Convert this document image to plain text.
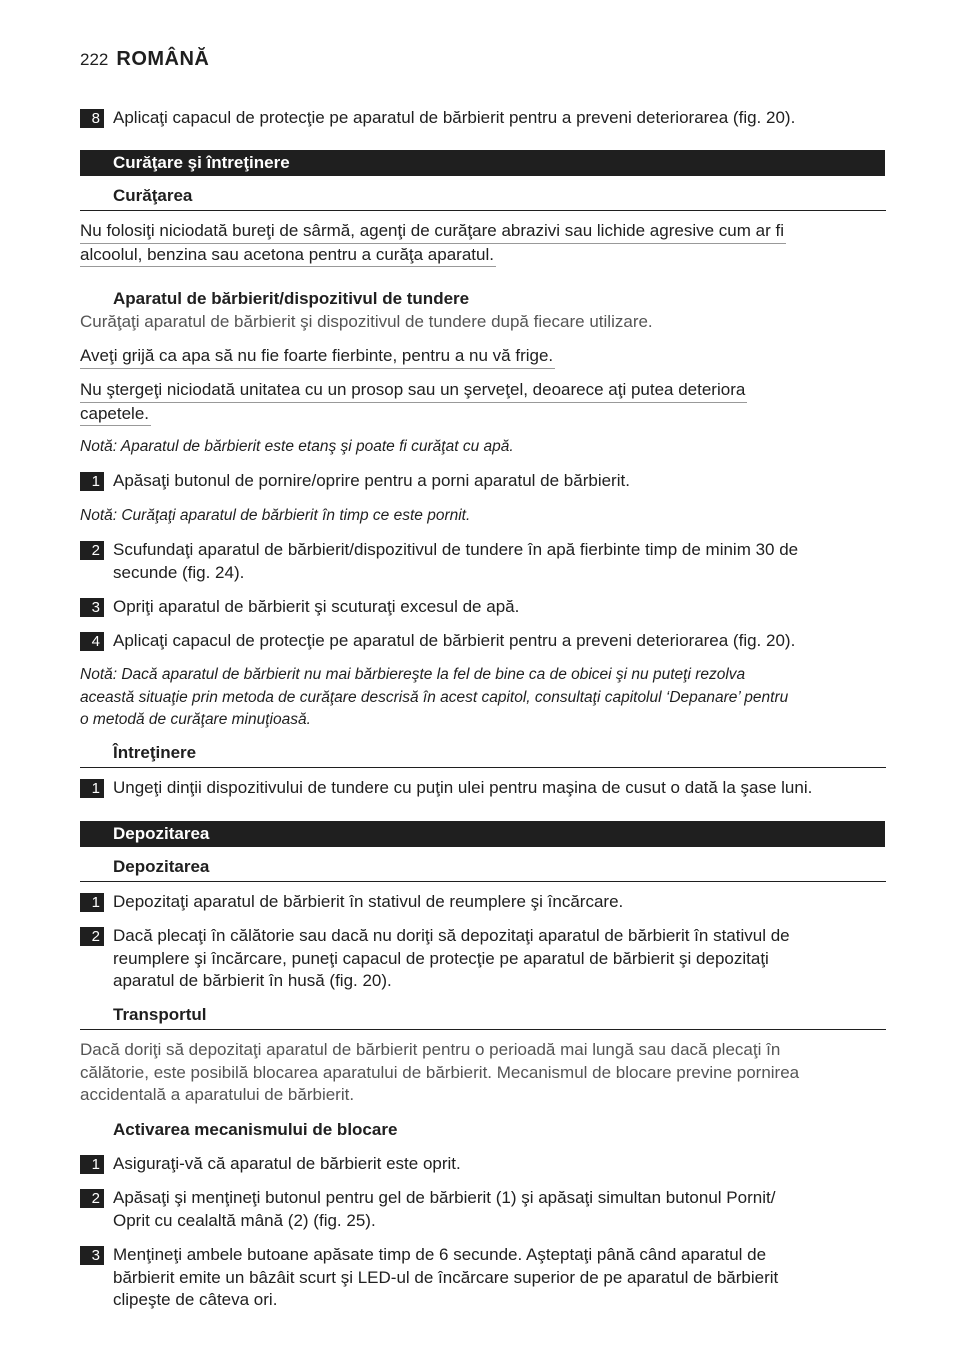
222 ROMÂNĂ
8 Aplicaţi capacul de protecţie pe aparatul de bărbierit pentru a preveni deteriorarea (fig. 20).
Curăţare şi întreţinere
Curăţarea
Nu folosiţi niciodată bureţi de sârmă, agenţi de curăţare abrazivi sau lichide agresive cum ar fi
alcoolul, benzina sau acetona pentru a curăţa aparatul.
Aparatul de bărbierit/dispozitivul de tundere
Curăţaţi aparatul de bărbierit şi dispozitivul de tundere după fiecare utilizare.
Aveţi grijă ca apa să nu fie foarte fierbinte, pentru a nu vă frige.
Nu ştergeţi niciodată unitatea cu un prosop sau un şerveţel, deoarece aţi putea deteriora
capetele.
Notă: Aparatul de bărbierit este etanş şi poate fi curăţat cu apă.
1 Apăsaţi butonul de pornire/oprire pentru a porni aparatul de bărbierit.
Notă: Curăţaţi aparatul de bărbierit în timp ce este pornit.
2 Scufundaţi aparatul de bărbierit/dispozitivul de tundere în apă fierbinte timp de minim 30 de
secunde (fig. 24).
3 Opriţi aparatul de bărbierit şi scuturaţi excesul de apă.
4 Aplicaţi capacul de protecţie pe aparatul de bărbierit pentru a preveni deteriorarea (fig. 20).
Notă: Dacă aparatul de bărbierit nu mai bărbiereşte la fel de bine ca de obicei şi nu puteţi rezolva
această situaţie prin metoda de curăţare descrisă în acest capitol, consultaţi capitolul ‘Depanare’ pentru
o metodă de curăţare minuţioasă.
Întreţinere
1 Ungeţi dinţii dispozitivului de tundere cu puţin ulei pentru maşina de cusut o dată la şase luni.
Depozitarea
Depozitarea
1 Depozitaţi aparatul de bărbierit în stativul de reumplere şi încărcare.
2 Dacă plecaţi în călătorie sau dacă nu doriţi să depozitaţi aparatul de bărbierit în stativul de
reumplere şi încărcare, puneţi capacul de protecţie pe aparatul de bărbierit şi depozitaţi
aparatul de bărbierit în husă (fig. 20).
Transportul
Dacă doriţi să depozitaţi aparatul de bărbierit pentru o perioadă mai lungă sau dacă plecaţi în
călătorie, este posibilă blocarea aparatului de bărbierit. Mecanismul de blocare previne pornirea
accidentală a aparatului de bărbierit.
Activarea mecanismului de blocare
1 Asiguraţi-vă că aparatul de bărbierit este oprit.
2 Apăsaţi şi menţineţi butonul pentru gel de bărbierit (1) şi apăsaţi simultan butonul Pornit/
Oprit cu cealaltă mână (2) (fig. 25).
3 Menţineţi ambele butoane apăsate timp de 6 secunde. Aşteptaţi până când aparatul de
bărbierit emite un bâzâit scurt şi LED-ul de încărcare superior de pe aparatul de bărbierit
clipeşte de câteva ori.
